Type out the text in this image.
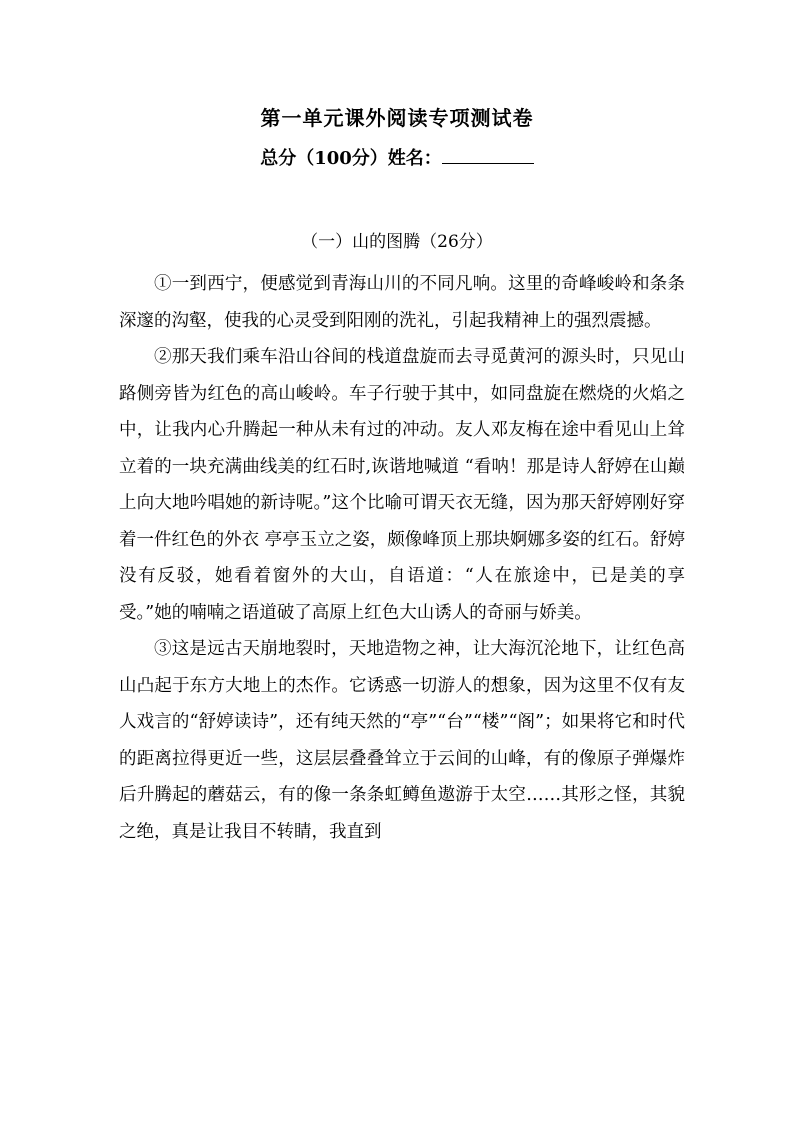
第一单元课外阅读专项测试卷
总分（100分）姓名：
（一）山的图腾（26分）

①一到西宁，便感觉到青海山川的不同凡响。这里的奇峰峻岭和条条深邃的沟壑，使我的心灵受到阳刚的洗礼，引起我精神上的强烈震撼。

②那天我们乘车沿山谷间的栈道盘旋而去寻觅黄河的源头时，只见山路侧旁皆为红色的高山峻岭。车子行驶于其中，如同盘旋在燃烧的火焰之中，让我内心升腾起一种从未有过的冲动。友人邓友梅在途中看见山上耸立着的一块充满曲线美的红石时,诙谐地喊道 “看呐！那是诗人舒婷在山巅上向大地吟唱她的新诗呢。”这个比喻可谓天衣无缝，因为那天舒婷刚好穿着一件红色的外衣 亭亭玉立之姿，颇像峰顶上那块婀娜多姿的红石。舒婷没有反驳，她看着窗外的大山，自语道：“人在旅途中，已是美的享受。”她的喃喃之语道破了高原上红色大山诱人的奇丽与娇美。

③这是远古天崩地裂时，天地造物之神，让大海沉沦地下，让红色高山凸起于东方大地上的杰作。它诱惑一切游人的想象，因为这里不仅有友人戏言的“舒婷读诗”，还有纯天然的“亭”“台”“楼”“阁”；如果将它和时代的距离拉得更近一些，这层层叠叠耸立于云间的山峰，有的像原子弹爆炸后升腾起的蘑菇云，有的像一条条虹鳟鱼遨游于太空……其形之怪，其貌之绝，真是让我目不转睛，我直到
